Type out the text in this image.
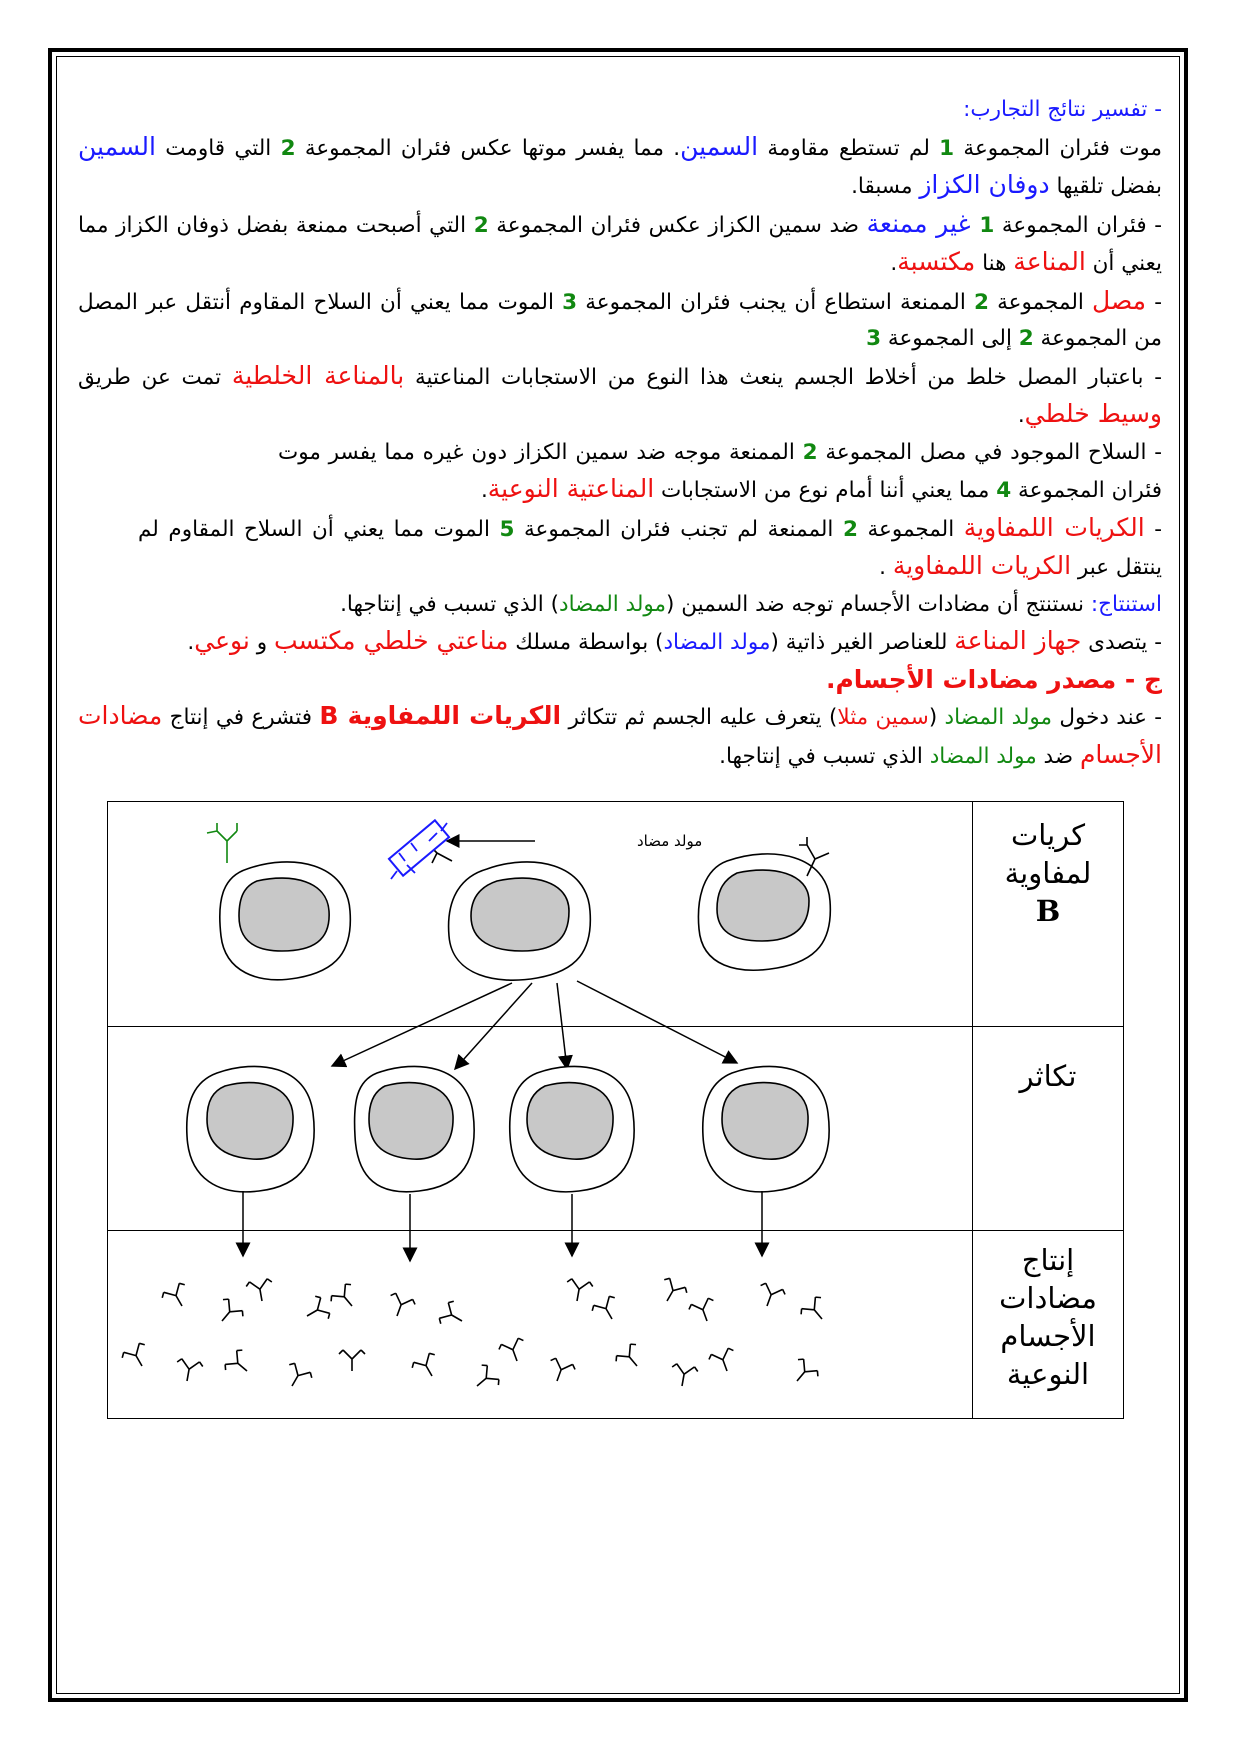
- تفسير نتائج التجارب:

موت فئران المجموعة 1 لم تستطع مقاومة السمين. مما يفسر موتها عكس فئران المجموعة 2 التي قاومت السمين بفضل تلقيها دوفان الكزاز مسبقا.

- فئران المجموعة 1 غير ممنعة ضد سمين الكزاز عكس فئران المجموعة 2 التي أصبحت ممنعة بفضل ذوفان الكزاز مما يعني أن المناعة هنا مكتسبة.

- مصل المجموعة 2 الممنعة استطاع أن يجنب فئران المجموعة 3 الموت مما يعني أن السلاح المقاوم أنتقل عبر المصل من المجموعة 2 إلى المجموعة 3

- باعتبار المصل خلط من أخلاط الجسم ينعث هذا النوع من الاستجابات المناعتية بالمناعة الخلطية تمت عن طريق وسيط خلطي.

- السلاح الموجود في مصل المجموعة 2 الممنعة موجه ضد سمين الكزاز دون غيره مما يفسر موت فئران المجموعة 4 مما يعني أننا أمام نوع من الاستجابات المناعتية النوعية.

- الكريات اللمفاوية المجموعة 2 الممنعة لم تجنب فئران المجموعة 5 الموت مما يعني أن السلاح المقاوم لم ينتقل عبر الكريات اللمفاوية .

استنتاج: نستنتج أن مضادات الأجسام توجه ضد السمين (مولد المضاد) الذي تسبب في إنتاجها.

- يتصدى جهاز المناعة للعناصر الغير ذاتية (مولد المضاد) بواسطة مسلك مناعتي خلطي مكتسب و نوعي.

ج - مصدر مضادات الأجسام.

- عند دخول مولد المضاد (سمين مثلا) يتعرف عليه الجسم ثم تتكاثر الكريات اللمفاوية B فتشرع في إنتاج مضادات الأجسام ضد مولد المضاد الذي تسبب في إنتاجها.

	كريات
لمفاوية
B

	تكاثر

	إنتاج مضادات
الأجسام
النوعية
مولد مضاد
